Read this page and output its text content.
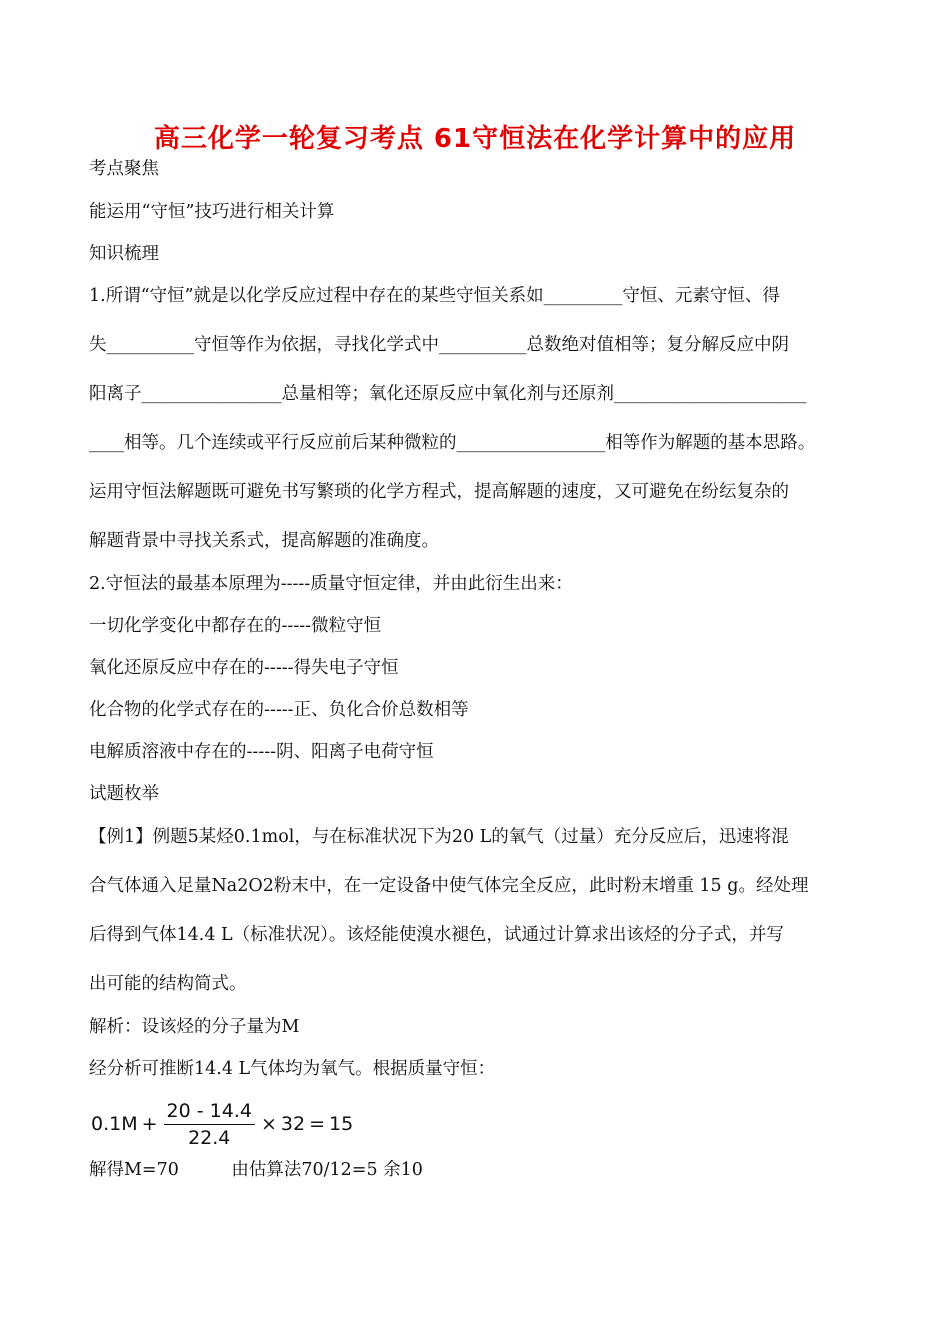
高三化学一轮复习考点 61守恒法在化学计算中的应用
考点聚焦
能运用“守恒”技巧进行相关计算
知识梳理
1.所谓“守恒”就是以化学反应过程中存在的某些守恒关系如_________守恒、元素守恒、得
失__________守恒等作为依据，寻找化学式中__________总数绝对值相等；复分解反应中阴
阳离子________________总量相等；氧化还原反应中氧化剂与还原剂______________________
____相等。几个连续或平行反应前后某种微粒的_________________相等作为解题的基本思路。
运用守恒法解题既可避免书写繁琐的化学方程式，提高解题的速度，又可避免在纷纭复杂的
解题背景中寻找关系式，提高解题的准确度。
2.守恒法的最基本原理为-----质量守恒定律，并由此衍生出来：
一切化学变化中都存在的-----微粒守恒
氧化还原反应中存在的-----得失电子守恒
化合物的化学式存在的-----正、负化合价总数相等
电解质溶液中存在的-----阴、阳离子电荷守恒
试题枚举
【例1】例题5某烃0.1mol，与在标准状况下为20 L的氧气（过量）充分反应后，迅速将混
合气体通入足量Na2O2粉末中，在一定设备中使气体完全反应，此时粉末增重 15 g。经处理
后得到气体14.4 L（标准状况）。该烃能使溴水褪色，试通过计算求出该烃的分子式，并写
出可能的结构简式。
解析：设该烃的分子量为M
经分析可推断14.4 L气体均为氧气。根据质量守恒：
$0.1M + \frac{20 - 14.4}{22.4} \times 32 = 15$
解得M=70　　　由估算法70/12=5 余10
